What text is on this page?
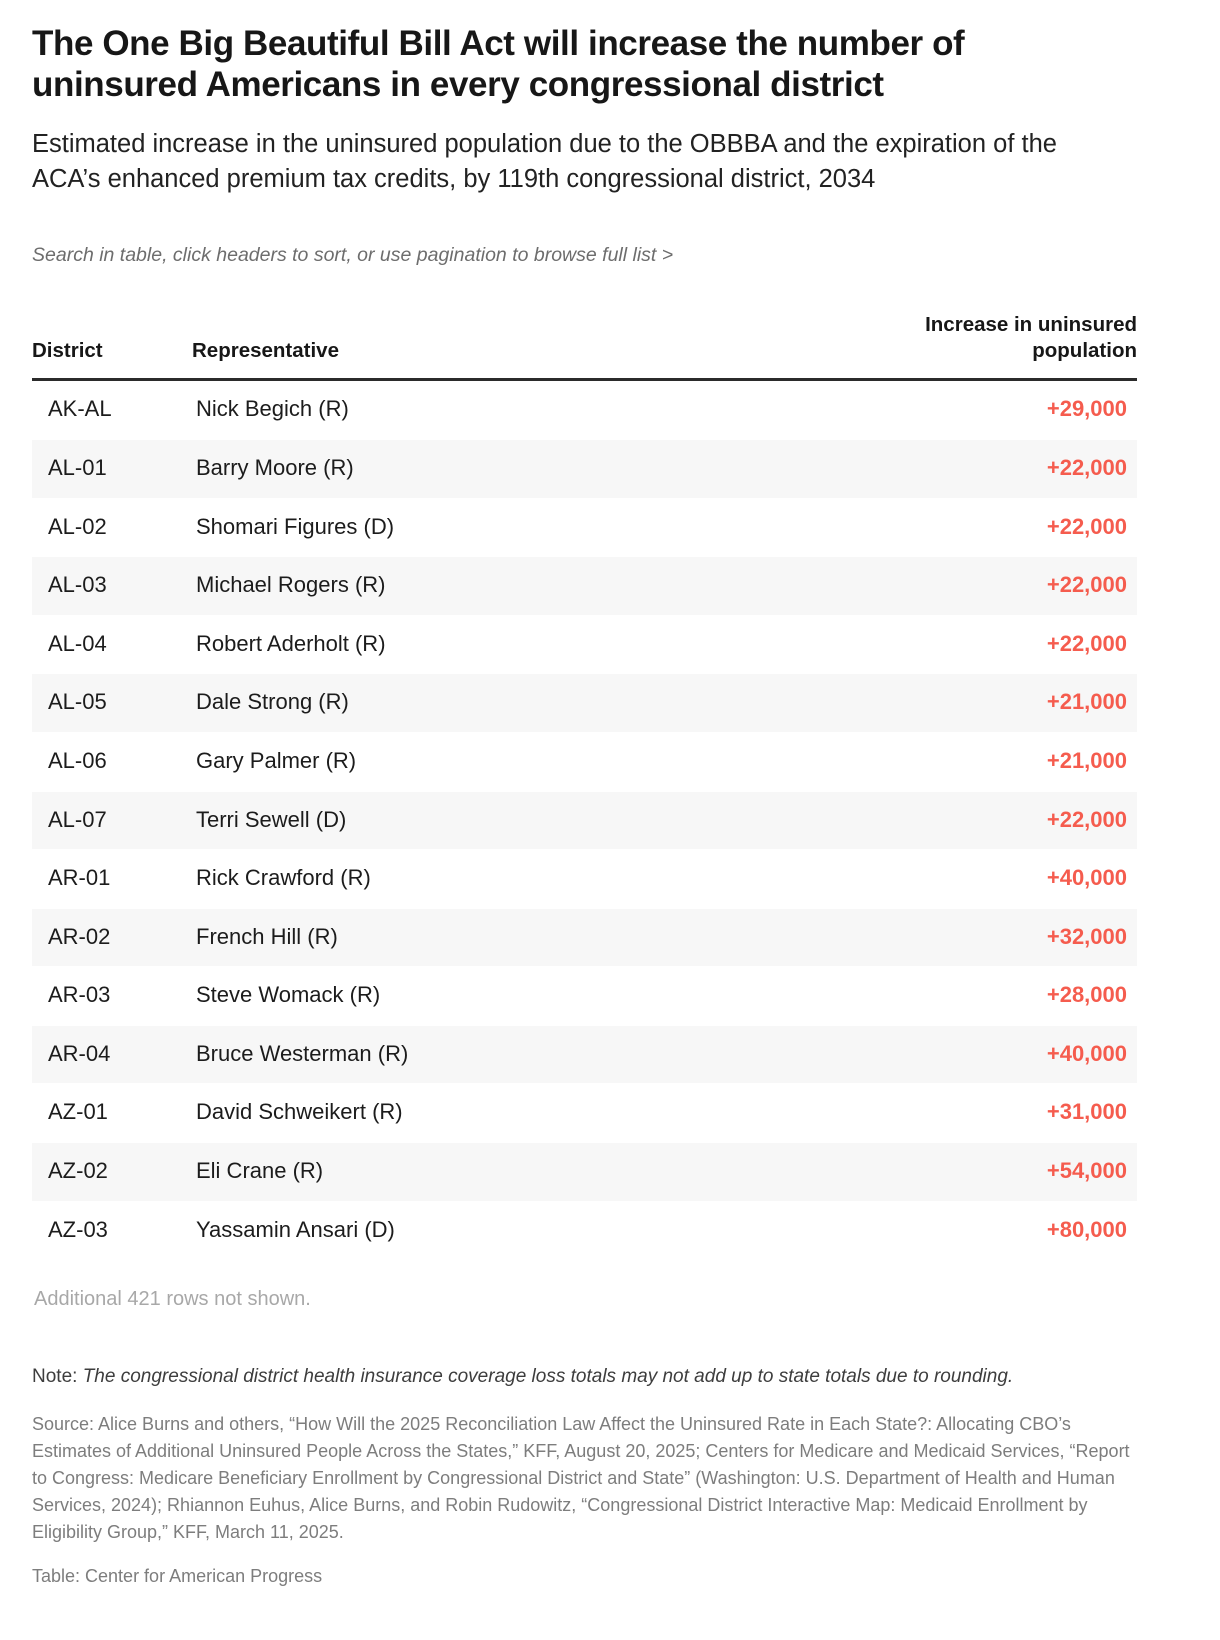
The One Big Beautiful Bill Act will increase the number of uninsured Americans in every congressional district

Estimated increase in the uninsured population due to the OBBBA and the expiration of the ACA’s enhanced premium tax credits, by 119th congressional district, 2034

Search in table, click headers to sort, or use pagination to browse full list >

District	Representative	Increase in uninsured population
AK-AL	Nick Begich (R)	+29,000
AL-01	Barry Moore (R)	+22,000
AL-02	Shomari Figures (D)	+22,000
AL-03	Michael Rogers (R)	+22,000
AL-04	Robert Aderholt (R)	+22,000
AL-05	Dale Strong (R)	+21,000
AL-06	Gary Palmer (R)	+21,000
AL-07	Terri Sewell (D)	+22,000
AR-01	Rick Crawford (R)	+40,000
AR-02	French Hill (R)	+32,000
AR-03	Steve Womack (R)	+28,000
AR-04	Bruce Westerman (R)	+40,000
AZ-01	David Schweikert (R)	+31,000
AZ-02	Eli Crane (R)	+54,000
AZ-03	Yassamin Ansari (D)	+80,000

Additional 421 rows not shown.

Note: The congressional district health insurance coverage loss totals may not add up to state totals due to rounding.

Source: Alice Burns and others, “How Will the 2025 Reconciliation Law Affect the Uninsured Rate in Each State?: Allocating CBO’s Estimates of Additional Uninsured People Across the States,” KFF, August 20, 2025; Centers for Medicare and Medicaid Services, “Report to Congress: Medicare Beneficiary Enrollment by Congressional District and State” (Washington: U.S. Department of Health and Human Services, 2024); Rhiannon Euhus, Alice Burns, and Robin Rudowitz, “Congressional District Interactive Map: Medicaid Enrollment by Eligibility Group,” KFF, March 11, 2025.

Table: Center for American Progress
